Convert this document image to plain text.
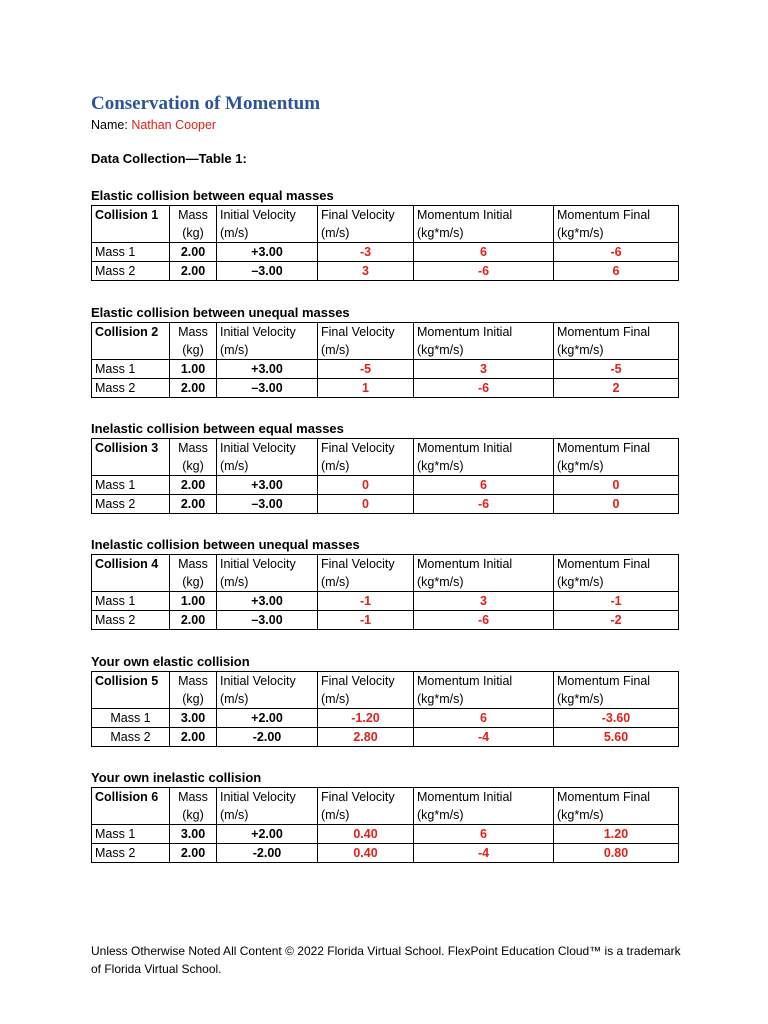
Conservation of Momentum
Name: Nathan Cooper
Data Collection—Table 1:
Elastic collision between equal masses
Collision 1	Mass	Initial Velocity	Final Velocity	Momentum Initial	Momentum Final
	(kg)	(m/s)	(m/s)	(kg*m/s)	(kg*m/s)
Mass 1	2.00	+3.00	-3	6	-6
Mass 2	2.00	–3.00	3	-6	6
Elastic collision between unequal masses
Collision 2	Mass	Initial Velocity	Final Velocity	Momentum Initial	Momentum Final
	(kg)	(m/s)	(m/s)	(kg*m/s)	(kg*m/s)
Mass 1	1.00	+3.00	-5	3	-5
Mass 2	2.00	–3.00	1	-6	2
Inelastic collision between equal masses
Collision 3	Mass	Initial Velocity	Final Velocity	Momentum Initial	Momentum Final
	(kg)	(m/s)	(m/s)	(kg*m/s)	(kg*m/s)
Mass 1	2.00	+3.00	0	6	0
Mass 2	2.00	–3.00	0	-6	0
Inelastic collision between unequal masses
Collision 4	Mass	Initial Velocity	Final Velocity	Momentum Initial	Momentum Final
	(kg)	(m/s)	(m/s)	(kg*m/s)	(kg*m/s)
Mass 1	1.00	+3.00	-1	3	-1
Mass 2	2.00	–3.00	-1	-6	-2
Your own elastic collision
Collision 5	Mass	Initial Velocity	Final Velocity	Momentum Initial	Momentum Final
	(kg)	(m/s)	(m/s)	(kg*m/s)	(kg*m/s)
Mass 1	3.00	+2.00	-1.20	6	-3.60
Mass 2	2.00	-2.00	2.80	-4	5.60
Your own inelastic collision
Collision 6	Mass	Initial Velocity	Final Velocity	Momentum Initial	Momentum Final
	(kg)	(m/s)	(m/s)	(kg*m/s)	(kg*m/s)
Mass 1	3.00	+2.00	0.40	6	1.20
Mass 2	2.00	-2.00	0.40	-4	0.80
Unless Otherwise Noted All Content © 2022 Florida Virtual School. FlexPoint Education Cloud™ is a trademark of Florida Virtual School.
